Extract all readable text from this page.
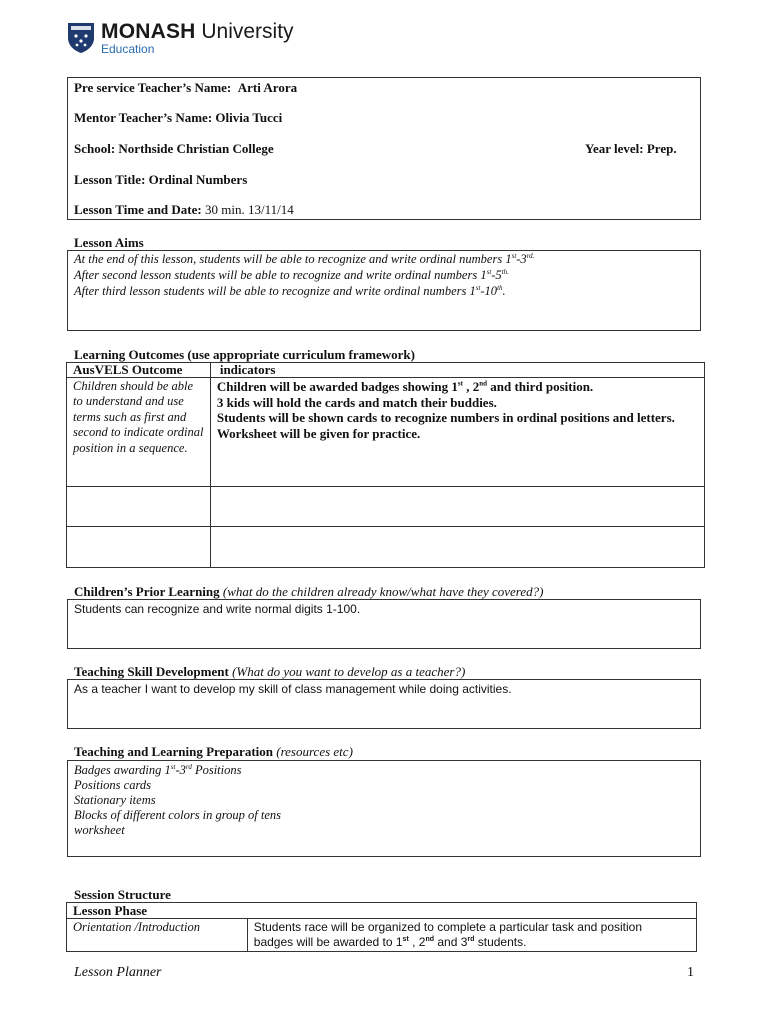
MONASH University
Education
Pre service Teacher’s Name: Arti Arora
Mentor Teacher’s Name: Olivia Tucci
School: Northside Christian College	Year level: Prep.
Lesson Title: Ordinal Numbers
Lesson Time and Date: 30 min. 13/11/14
Lesson Aims
At the end of this lesson, students will be able to recognize and write ordinal numbers $1st-3^{rd.}$
After second lesson students will be able to recognize and write ordinal numbers $1st-5^{th.}$
After third lesson students will be able to recognize and write ordinal numbers 1st-10th.
Learning Outcomes (use appropriate curriculum framework)
AusVELS Outcome	indicators
Children should be able to understand and use terms such as first and second to indicate ordinal position in a sequence.	Children will be awarded badges showing 1st , 2nd and third position.
3 kids will hold the cards and match their buddies.
Students will be shown cards to recognize numbers in ordinal positions and letters.
Worksheet will be given for practice.

Children’s Prior Learning (what do the children already know/what have they covered?)
Students can recognize and write normal digits 1-100.
Teaching Skill Development (What do you want to develop as a teacher?)
As a teacher I want to develop my skill of class management while doing activities.
Teaching and Learning Preparation (resources etc)
Badges awarding 1st-3rd Positions
Positions cards
Stationary items
Blocks of different colors in group of tens
worksheet
Session Structure
Lesson Phase
Orientation /Introduction	Students race will be organized to complete a particular task and position
badges will be awarded to 1st , 2nd and 3rd students.
Lesson Planner	1
